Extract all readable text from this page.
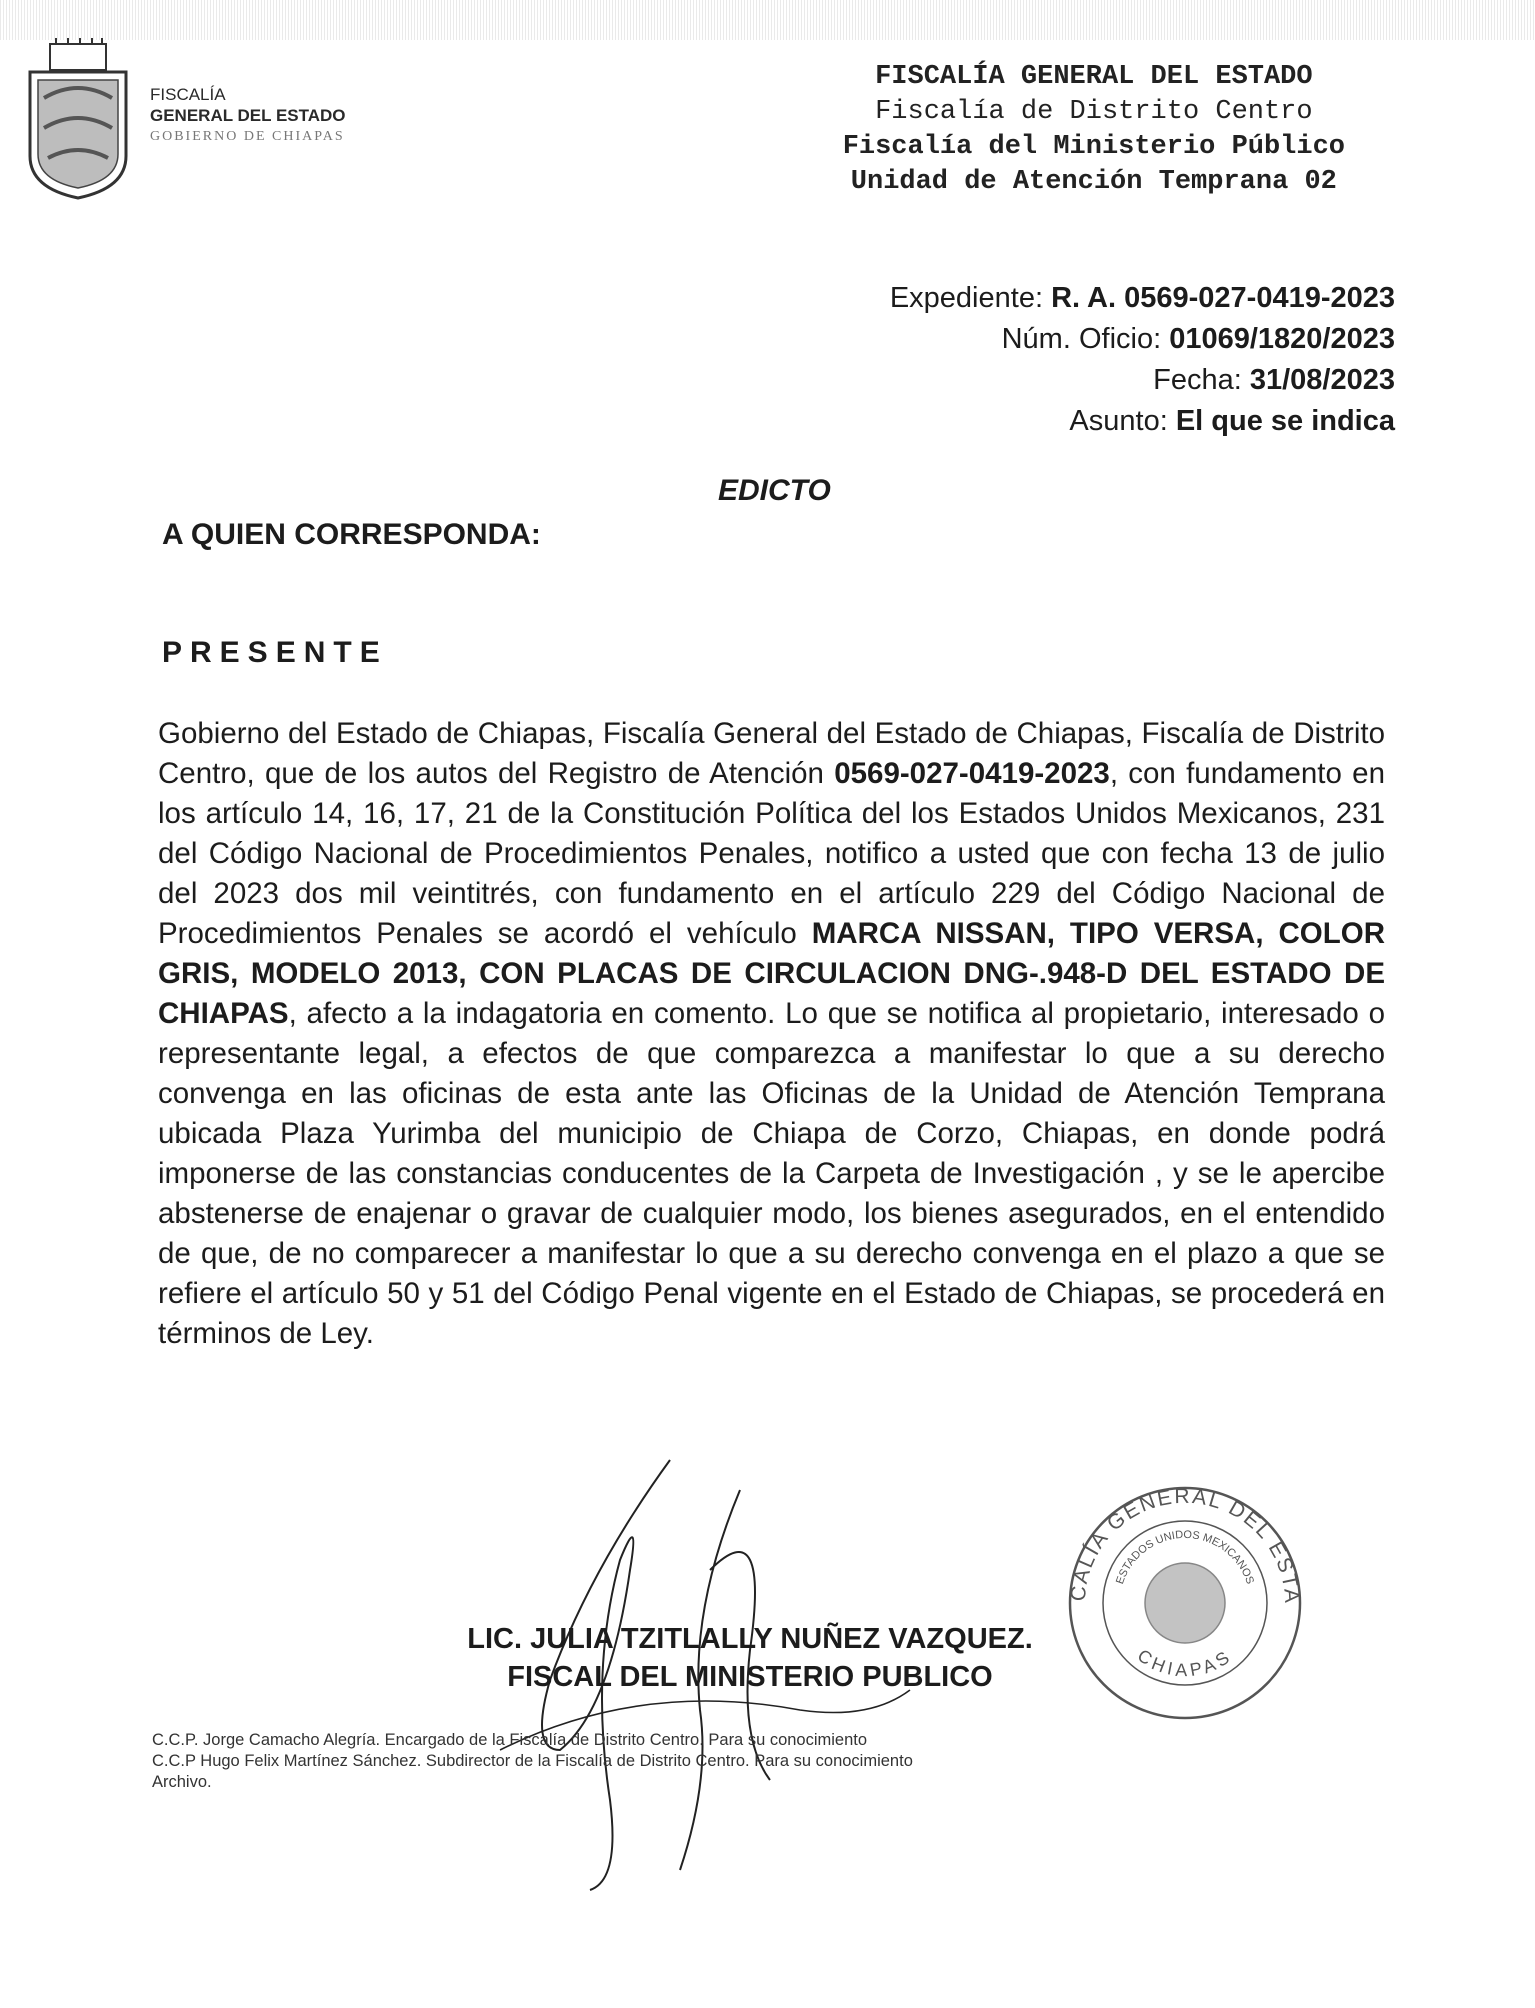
FISCALÍA
GENERAL DEL ESTADO
GOBIERNO DE CHIAPAS
FISCALÍA GENERAL DEL ESTADO
Fiscalía de Distrito Centro
Fiscalía del Ministerio Público
Unidad de Atención Temprana 02
Expediente: R. A. 0569-027-0419-2023
Núm. Oficio: 01069/1820/2023
Fecha: 31/08/2023
Asunto: El que se indica
EDICTO
A QUIEN CORRESPONDA:
PRESENTE
Gobierno del Estado de Chiapas, Fiscalía General del Estado de Chiapas, Fiscalía de Distrito Centro, que de los autos del Registro de Atención 0569-027-0419-2023, con fundamento en los artículo 14, 16, 17, 21 de la Constitución Política del los Estados Unidos Mexicanos, 231 del Código Nacional de Procedimientos Penales, notifico a usted que con fecha 13 de julio del 2023 dos mil veintitrés, con fundamento en el artículo 229 del Código Nacional de Procedimientos Penales se acordó el vehículo MARCA NISSAN, TIPO VERSA, COLOR GRIS, MODELO 2013, CON PLACAS DE CIRCULACION DNG-.948-D DEL ESTADO DE CHIAPAS, afecto a la indagatoria en comento. Lo que se notifica al propietario, interesado o representante legal, a efectos de que comparezca a manifestar lo que a su derecho convenga en las oficinas de esta ante las Oficinas de la Unidad de Atención Temprana ubicada Plaza Yurimba del municipio de Chiapa de Corzo, Chiapas, en donde podrá imponerse de las constancias conducentes de la Carpeta de Investigación , y se le apercibe abstenerse de enajenar o gravar de cualquier modo, los bienes asegurados, en el entendido de que, de no comparecer a manifestar lo que a su derecho convenga en el plazo a que se refiere el artículo 50 y 51 del Código Penal vigente en el Estado de Chiapas, se procederá en términos de Ley.
CALÍA GENERAL DEL ESTA
ESTADOS UNIDOS MEXICANOS
CHIAPAS
LIC. JULIA TZITLALLY NUÑEZ VAZQUEZ.
FISCAL DEL MINISTERIO PUBLICO
C.C.P. Jorge Camacho Alegría. Encargado de la Fiscalía de Distrito Centro. Para su conocimiento
C.C.P Hugo Felix Martínez Sánchez. Subdirector de la Fiscalía de Distrito Centro. Para su conocimiento
Archivo.
